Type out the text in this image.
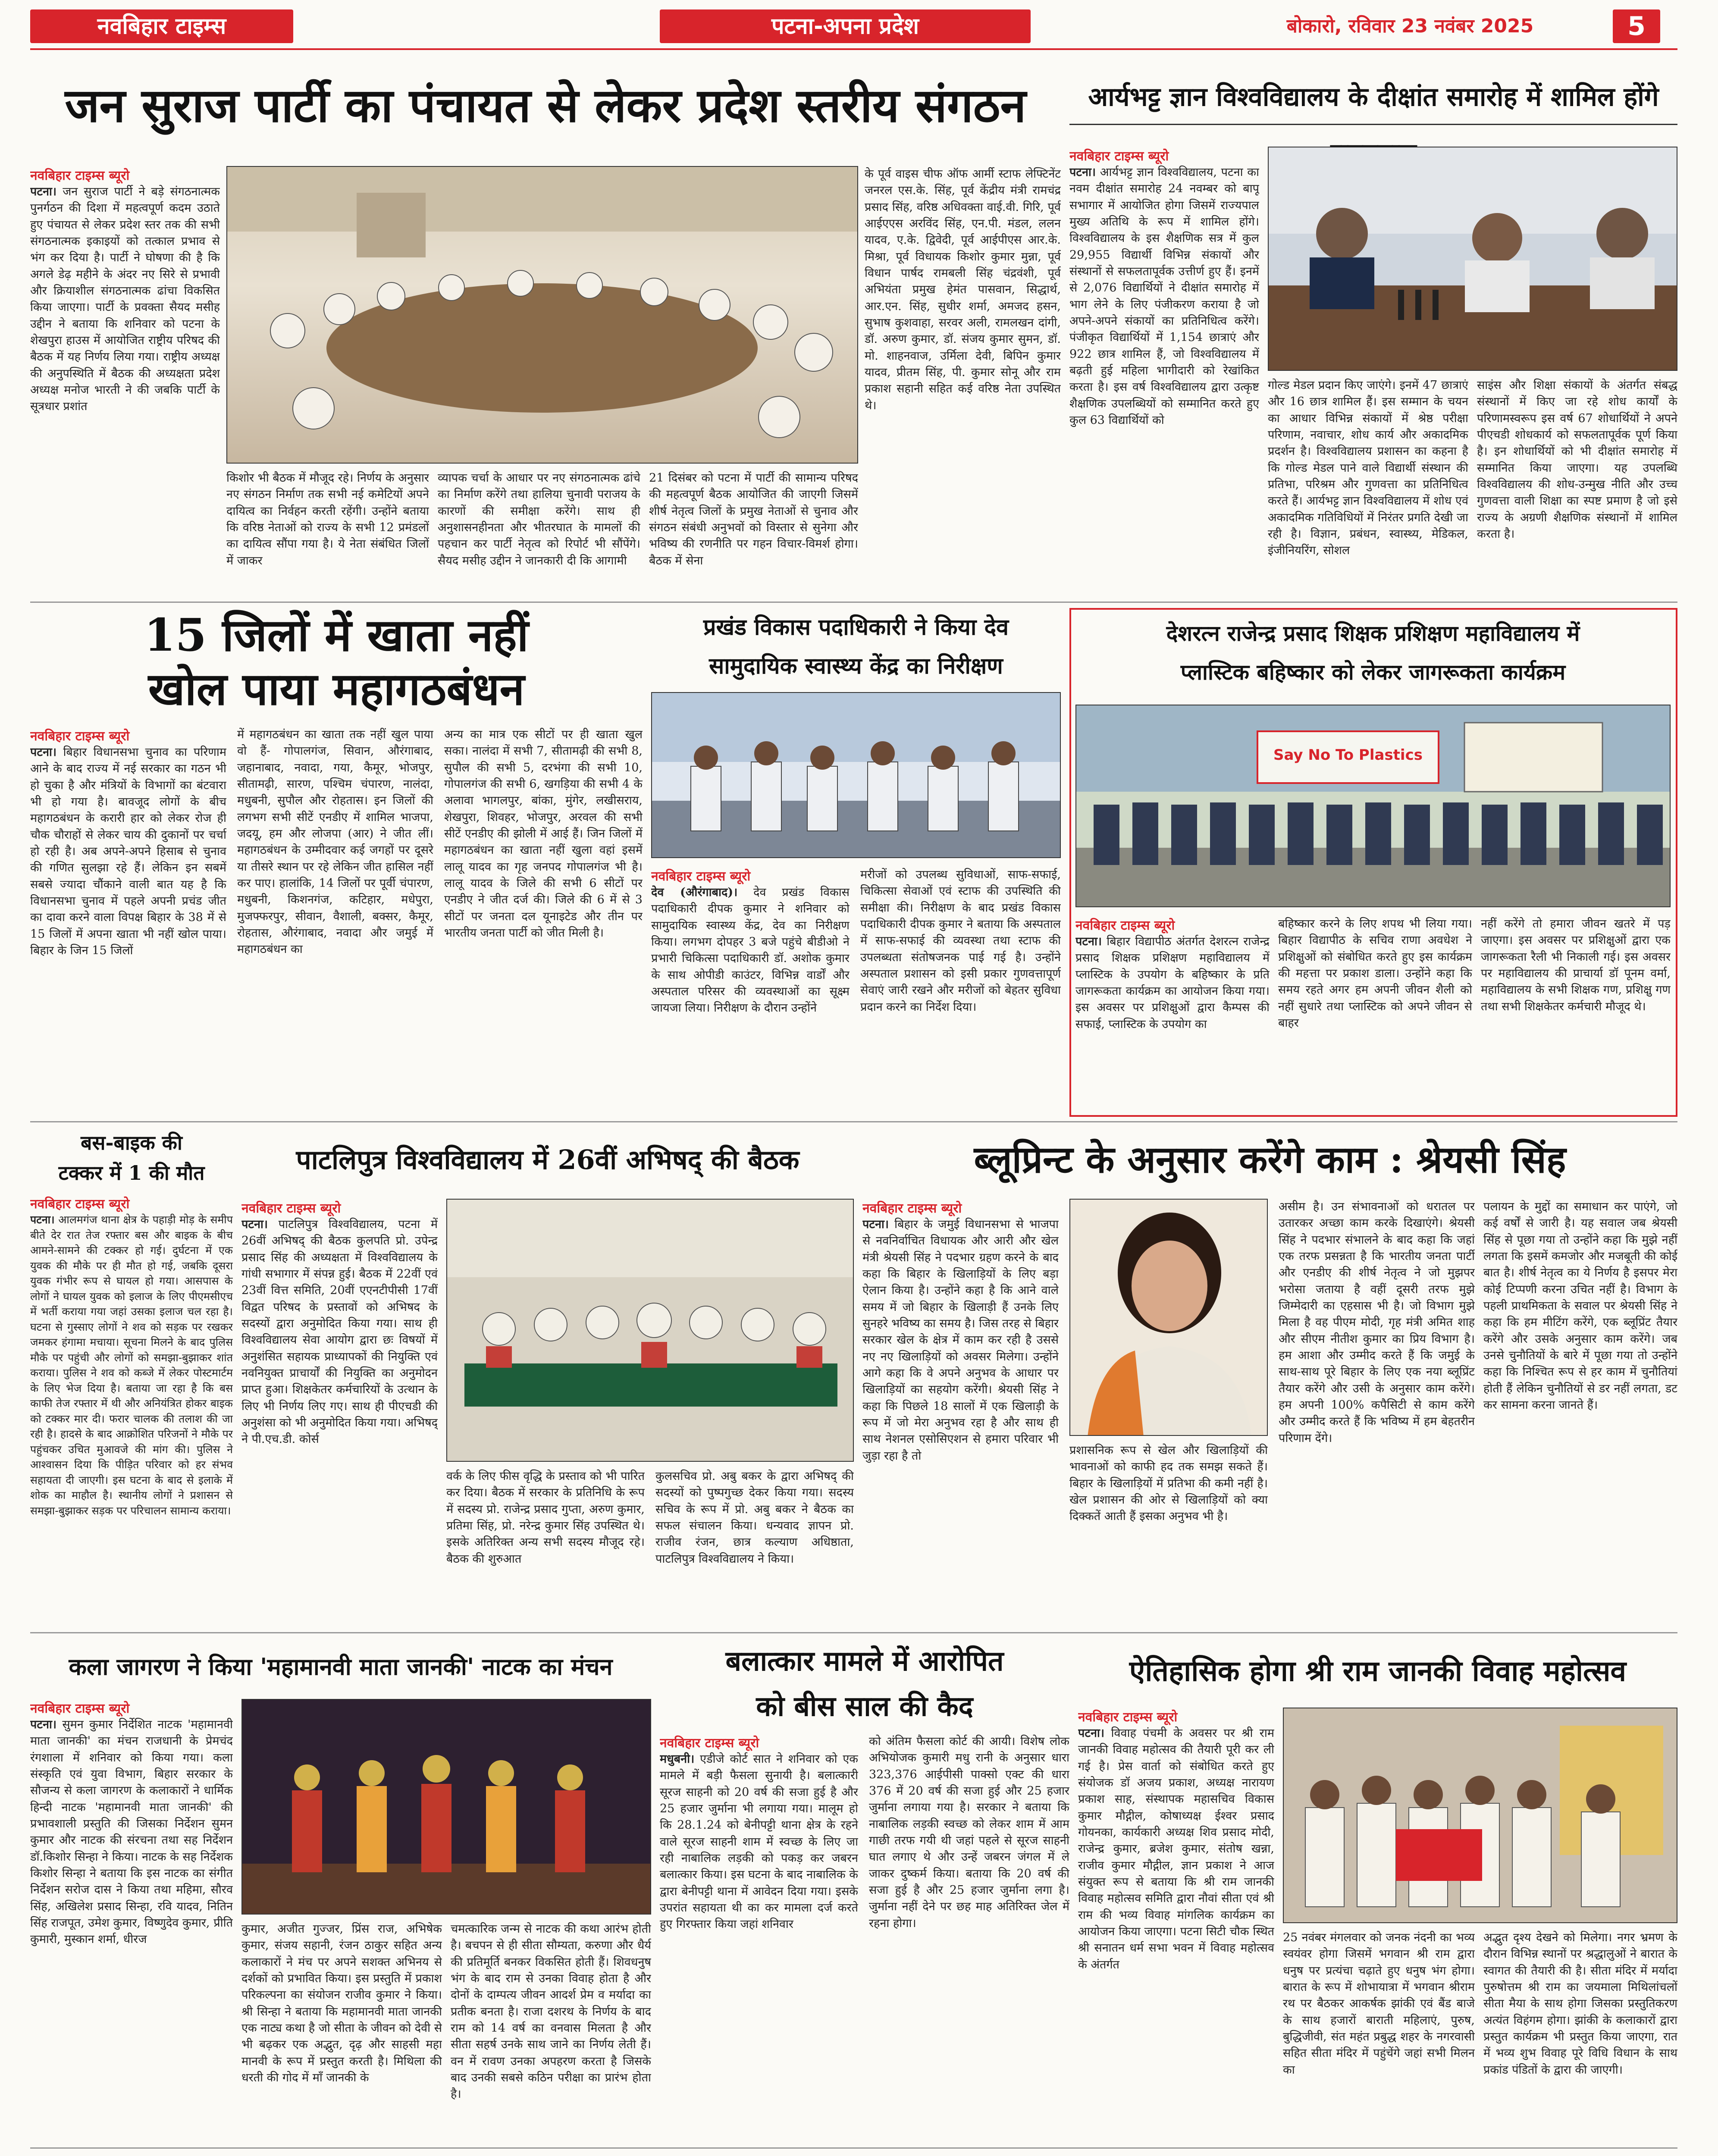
नवबिहार टाइम्स	पटना-अपना प्रदेश	बोकारो, रविवार 23 नवंबर 2025	5
जन सुराज पार्टी का पंचायत से लेकर प्रदेश स्तरीय संगठन
नवबिहार टाइम्स ब्यूरो
पटना। जन सुराज पार्टी ने बड़े संगठनात्मक पुनर्गठन की दिशा में महत्वपूर्ण कदम उठाते हुए पंचायत से लेकर प्रदेश स्तर तक की सभी संगठनात्मक इकाइयों को तत्काल प्रभाव से भंग कर दिया है। पार्टी ने घोषणा की है कि अगले डेढ़ महीने के अंदर नए सिरे से प्रभावी और क्रियाशील संगठनात्मक ढांचा विकसित किया जाएगा। पार्टी के प्रवक्ता सैयद मसीह उद्दीन ने बताया कि शनिवार को पटना के शेखपुरा हाउस में आयोजित राष्ट्रीय परिषद की बैठक में यह निर्णय लिया गया। राष्ट्रीय अध्यक्ष की अनुपस्थिति में बैठक की अध्यक्षता प्रदेश अध्यक्ष मनोज भारती ने की जबकि पार्टी के सूत्रधार प्रशांत
किशोर भी बैठक में मौजूद रहे। निर्णय के अनुसार नए संगठन निर्माण तक सभी नई कमेटियों अपने दायित्व का निर्वहन करती रहेंगी। उन्होंने बताया कि वरिष्ठ नेताओं को राज्य के सभी 12 प्रमंडलों का दायित्व सौंपा गया है। ये नेता संबंधित जिलों में जाकर
व्यापक चर्चा के आधार पर नए संगठनात्मक ढांचे का निर्माण करेंगे तथा हालिया चुनावी पराजय के कारणों की समीक्षा करेंगे। साथ ही अनुशासनहीनता और भीतरघात के मामलों की पहचान कर पार्टी नेतृत्व को रिपोर्ट भी सौंपेंगे। सैयद मसीह उद्दीन ने जानकारी दी कि आगामी
21 दिसंबर को पटना में पार्टी की सामान्य परिषद की महत्वपूर्ण बैठक आयोजित की जाएगी जिसमें शीर्ष नेतृत्व जिलों के प्रमुख नेताओं से चुनाव और संगठन संबंधी अनुभवों को विस्तार से सुनेगा और भविष्य की रणनीति पर गहन विचार-विमर्श होगा। बैठक में सेना
के पूर्व वाइस चीफ ऑफ आर्मी स्टाफ लेफ्टिनेंट जनरल एस.के. सिंह, पूर्व केंद्रीय मंत्री रामचंद्र प्रसाद सिंह, वरिष्ठ अधिवक्ता वाई.वी. गिरि, पूर्व आईएएस अरविंद सिंह, एन.पी. मंडल, ललन यादव, ए.के. द्विवेदी, पूर्व आईपीएस आर.के. मिश्रा, पूर्व विधायक किशोर कुमार मुन्ना, पूर्व विधान पार्षद रामबली सिंह चंद्रवंशी, पूर्व अभियंता प्रमुख हेमंत पासवान, सिद्धार्थ, आर.एन. सिंह, सुधीर शर्मा, अमजद हसन, सुभाष कुशवाहा, सरवर अली, रामलखन दांगी, डॉ. अरुण कुमार, डॉ. संजय कुमार सुमन, डॉ. मो. शाहनवाज, उर्मिला देवी, बिपिन कुमार यादव, प्रीतम सिंह, पी. कुमार सोनू और राम प्रकाश सहानी सहित कई वरिष्ठ नेता उपस्थित थे।
आर्यभट्ट ज्ञान विश्वविद्यालय के दीक्षांत समारोह में शामिल होंगे
नवबिहार टाइम्स ब्यूरो
पटना। आर्यभट्ट ज्ञान विश्वविद्यालय, पटना का नवम दीक्षांत समारोह 24 नवम्बर को बापू सभागार में आयोजित होगा जिसमें राज्यपाल मुख्य अतिथि के रूप में शामिल होंगे। विश्वविद्यालय के इस शैक्षणिक सत्र में कुल 29,955 विद्यार्थी विभिन्न संकायों और संस्थानों से सफलतापूर्वक उत्तीर्ण हुए हैं। इनमें से 2,076 विद्यार्थियों ने दीक्षांत समारोह में भाग लेने के लिए पंजीकरण कराया है जो अपने-अपने संकायों का प्रतिनिधित्व करेंगे। पंजीकृत विद्यार्थियों में 1,154 छात्राएं और 922 छात्र शामिल हैं, जो विश्वविद्यालय में बढ़ती हुई महिला भागीदारी को रेखांकित करता है। इस वर्ष विश्वविद्यालय द्वारा उत्कृष्ट शैक्षणिक उपलब्धियों को सम्मानित करते हुए कुल 63 विद्यार्थियों को
गोल्ड मेडल प्रदान किए जाएंगे। इनमें 47 छात्राएं और 16 छात्र शामिल हैं। इस सम्मान के चयन का आधार विभिन्न संकायों में श्रेष्ठ परीक्षा परिणाम, नवाचार, शोध कार्य और अकादमिक प्रदर्शन है। विश्वविद्यालय प्रशासन का कहना है कि गोल्ड मेडल पाने वाले विद्यार्थी संस्थान की प्रतिभा, परिश्रम और गुणवत्ता का प्रतिनिधित्व करते हैं। आर्यभट्ट ज्ञान विश्वविद्यालय में शोध एवं अकादमिक गतिविधियों में निरंतर प्रगति देखी जा रही है। विज्ञान, प्रबंधन, स्वास्थ्य, मेडिकल, इंजीनियरिंग, सोशल
साइंस और शिक्षा संकायों के अंतर्गत संबद्ध संस्थानों में किए जा रहे शोध कार्यों के परिणामस्वरूप इस वर्ष 67 शोधार्थियों ने अपने पीएचडी शोधकार्य को सफलतापूर्वक पूर्ण किया है। इन शोधार्थियों को भी दीक्षांत समारोह में सम्मानित किया जाएगा। यह उपलब्धि विश्वविद्यालय की शोध-उन्मुख नीति और उच्च गुणवत्ता वाली शिक्षा का स्पष्ट प्रमाण है जो इसे राज्य के अग्रणी शैक्षणिक संस्थानों में शामिल करता है।
15 जिलों में खाता नहीं
खोल पाया महागठबंधन
नवबिहार टाइम्स ब्यूरो
पटना। बिहार विधानसभा चुनाव का परिणाम आने के बाद राज्य में नई सरकार का गठन भी हो चुका है और मंत्रियों के विभागों का बंटवारा भी हो गया है। बावजूद लोगों के बीच महागठबंधन के करारी हार को लेकर रोज ही चौक चौराहों से लेकर चाय की दुकानों पर चर्चा हो रही है। अब अपने-अपने हिसाब से चुनाव की गणित सुलझा रहे हैं। लेकिन इन सबमें सबसे ज्यादा चौंकाने वाली बात यह है कि विधानसभा चुनाव में पहले अपनी प्रचंड जीत का दावा करने वाला विपक्ष बिहार के 38 में से 15 जिलों में अपना खाता भी नहीं खोल पाया। बिहार के जिन 15 जिलों
में महागठबंधन का खाता तक नहीं खुल पाया वो हैं- गोपालगंज, सिवान, औरंगाबाद, जहानाबाद, नवादा, गया, कैमूर, भोजपुर, सीतामढ़ी, सारण, पश्चिम चंपारण, नालंदा, मधुबनी, सुपौल और रोहतास। इन जिलों की लगभग सभी सीटें एनडीए में शामिल भाजपा, जदयू, हम और लोजपा (आर) ने जीत लीं। महागठबंधन के उम्मीदवार कई जगहों पर दूसरे या तीसरे स्थान पर रहे लेकिन जीत हासिल नहीं कर पाए। हालांकि, 14 जिलों पर पूर्वी चंपारण, मधुबनी, किशनगंज, कटिहार, मधेपुरा, मुजफ्फरपुर, सीवान, वैशाली, बक्सर, कैमूर, रोहतास, औरंगाबाद, नवादा और जमुई में महागठबंधन का
अन्य का मात्र एक सीटों पर ही खाता खुल सका। नालंदा में सभी 7, सीतामढ़ी की सभी 8, सुपौल की सभी 5, दरभंगा की सभी 10, गोपालगंज की सभी 6, खगड़िया की सभी 4 के अलावा भागलपुर, बांका, मुंगेर, लखीसराय, शेखपुरा, शिवहर, भोजपुर, अरवल की सभी सीटें एनडीए की झोली में आई हैं। जिन जिलों में महागठबंधन का खाता नहीं खुला वहां इसमें लालू यादव का गृह जनपद गोपालगंज भी है। लालू यादव के जिले की सभी 6 सीटों पर एनडीए ने जीत दर्ज की। जिले की 6 में से 3 सीटों पर जनता दल यूनाइटेड और तीन पर भारतीय जनता पार्टी को जीत मिली है।
प्रखंड विकास पदाधिकारी ने किया देव
सामुदायिक स्वास्थ्य केंद्र का निरीक्षण
नवबिहार टाइम्स ब्यूरो
देव (औरंगाबाद)। देव प्रखंड विकास पदाधिकारी दीपक कुमार ने शनिवार को सामुदायिक स्वास्थ्य केंद्र, देव का निरीक्षण किया। लगभग दोपहर 3 बजे पहुंचे बीडीओ ने प्रभारी चिकित्सा पदाधिकारी डॉ. अशोक कुमार के साथ ओपीडी काउंटर, विभिन्न वार्डों और अस्पताल परिसर की व्यवस्थाओं का सूक्ष्म जायजा लिया। निरीक्षण के दौरान उन्होंने
मरीजों को उपलब्ध सुविधाओं, साफ-सफाई, चिकित्सा सेवाओं एवं स्टाफ की उपस्थिति की समीक्षा की। निरीक्षण के बाद प्रखंड विकास पदाधिकारी दीपक कुमार ने बताया कि अस्पताल में साफ-सफाई की व्यवस्था तथा स्टाफ की उपलब्धता संतोषजनक पाई गई है। उन्होंने अस्पताल प्रशासन को इसी प्रकार गुणवत्तापूर्ण सेवाएं जारी रखने और मरीजों को बेहतर सुविधा प्रदान करने का निर्देश दिया।
देशरत्न राजेन्द्र प्रसाद शिक्षक प्रशिक्षण महाविद्यालय में
प्लास्टिक बहिष्कार को लेकर जागरूकता कार्यक्रम
Say No To Plastics
नवबिहार टाइम्स ब्यूरो
पटना। बिहार विद्यापीठ अंतर्गत देशरत्न राजेन्द्र प्रसाद शिक्षक प्रशिक्षण महाविद्यालय में प्लास्टिक के उपयोग के बहिष्कार के प्रति जागरूकता कार्यक्रम का आयोजन किया गया। इस अवसर पर प्रशिक्षुओं द्वारा कैम्पस की सफाई, प्लास्टिक के उपयोग का
बहिष्कार करने के लिए शपथ भी लिया गया। बिहार विद्यापीठ के सचिव राणा अवधेश ने प्रशिक्षुओं को संबोधित करते हुए इस कार्यक्रम की महत्ता पर प्रकाश डाला। उन्होंने कहा कि समय रहते अगर हम अपनी जीवन शैली को नहीं सुधारे तथा प्लास्टिक को अपने जीवन से बाहर
नहीं करेंगे तो हमारा जीवन खतरे में पड़ जाएगा। इस अवसर पर प्रशिक्षुओं द्वारा एक जागरूकता रैली भी निकाली गई। इस अवसर पर महाविद्यालय की प्राचार्या डॉ पूनम वर्मा, महाविद्यालय के सभी शिक्षक गण, प्रशिक्षु गण तथा सभी शिक्षकेतर कर्मचारी मौजूद थे।
बस-बाइक की
टक्कर में 1 की मौत
नवबिहार टाइम्स ब्यूरो
पटना। आलमगंज थाना क्षेत्र के पहाड़ी मोड़ के समीप बीते देर रात तेज रफ्तार बस और बाइक के बीच आमने-सामने की टक्कर हो गई। दुर्घटना में एक युवक की मौके पर ही मौत हो गई, जबकि दूसरा युवक गंभीर रूप से घायल हो गया। आसपास के लोगों ने घायल युवक को इलाज के लिए पीएमसीएच में भर्ती कराया गया जहां उसका इलाज चल रहा है। घटना से गुस्साए लोगों ने शव को सड़क पर रखकर जमकर हंगामा मचाया। सूचना मिलने के बाद पुलिस मौके पर पहुंची और लोगों को समझा-बुझाकर शांत कराया। पुलिस ने शव को कब्जे में लेकर पोस्टमार्टम के लिए भेज दिया है। बताया जा रहा है कि बस काफी तेज रफ्तार में थी और अनियंत्रित होकर बाइक को टक्कर मार दी। फरार चालक की तलाश की जा रही है। हादसे के बाद आक्रोशित परिजनों ने मौके पर पहुंचकर उचित मुआवजे की मांग की। पुलिस ने आश्वासन दिया कि पीड़ित परिवार को हर संभव सहायता दी जाएगी। इस घटना के बाद से इलाके में शोक का माहौल है। स्थानीय लोगों ने प्रशासन से समझा-बुझाकर सड़क पर परिचालन सामान्य कराया।
पाटलिपुत्र विश्वविद्यालय में 26वीं अभिषद् की बैठक
नवबिहार टाइम्स ब्यूरो
पटना। पाटलिपुत्र विश्वविद्यालय, पटना में 26वीं अभिषद् की बैठक कुलपति प्रो. उपेन्द्र प्रसाद सिंह की अध्यक्षता में विश्वविद्यालय के गांधी सभागार में संपन्न हुई। बैठक में 22वीं एवं 23वीं वित्त समिति, 20वीं एएनटीपीसी 17वीं विद्वत परिषद के प्रस्तावों को अभिषद के सदस्यों द्वारा अनुमोदित किया गया। साथ ही विश्वविद्यालय सेवा आयोग द्वारा छः विषयों में अनुशंसित सहायक प्राध्यापकों की नियुक्ति एवं नवनियुक्त प्राचार्यों की नियुक्ति का अनुमोदन प्राप्त हुआ। शिक्षकेतर कर्मचारियों के उत्थान के लिए भी निर्णय लिए गए। साथ ही पीएचडी की अनुशंसा को भी अनुमोदित किया गया। अभिषद् ने पी.एच.डी. कोर्स
वर्क के लिए फीस वृद्धि के प्रस्ताव को भी पारित कर दिया। बैठक में सरकार के प्रतिनिधि के रूप में सदस्य प्रो. राजेन्द्र प्रसाद गुप्ता, अरुण कुमार, प्रतिमा सिंह, प्रो. नरेन्द्र कुमार सिंह उपस्थित थे। इसके अतिरिक्त अन्य सभी सदस्य मौजूद रहे। बैठक की शुरुआत
कुलसचिव प्रो. अबु बकर के द्वारा अभिषद् की सदस्यों को पुष्पगुच्छ देकर किया गया। सदस्य सचिव के रूप में प्रो. अबु बकर ने बैठक का सफल संचालन किया। धन्यवाद ज्ञापन प्रो. राजीव रंजन, छात्र कल्याण अधिष्ठाता, पाटलिपुत्र विश्वविद्यालय ने किया।
ब्लूप्रिन्ट के अनुसार करेंगे काम : श्रेयसी सिंह
नवबिहार टाइम्स ब्यूरो
पटना। बिहार के जमुई विधानसभा से भाजपा से नवनिर्वाचित विधायक और आरी और खेल मंत्री श्रेयसी सिंह ने पदभार ग्रहण करने के बाद कहा कि बिहार के खिलाड़ियों के लिए बड़ा ऐलान किया है। उन्होंने कहा है कि आने वाले समय में जो बिहार के खिलाड़ी हैं उनके लिए सुनहरे भविष्य का समय है। जिस तरह से बिहार सरकार खेल के क्षेत्र में काम कर रही है उससे नए नए खिलाड़ियों को अवसर मिलेगा। उन्होंने आगे कहा कि वे अपने अनुभव के आधार पर खिलाड़ियों का सहयोग करेंगी। श्रेयसी सिंह ने कहा कि पिछले 18 सालों में एक खिलाड़ी के रूप में जो मेरा अनुभव रहा है और साथ ही साथ नेशनल एसोसिएशन से हमारा परिवार भी जुड़ा रहा है तो	प्रशासनिक रूप से खेल और खिलाड़ियों की भावनाओं को काफी हद तक समझ सकते हैं। बिहार के खिलाड़ियों में प्रतिभा की कमी नहीं है। खेल प्रशासन की ओर से खिलाड़ियों को क्या दिक्कतें आती हैं इसका अनुभव भी है।
असीम है। उन संभावनाओं को धरातल पर उतारकर अच्छा काम करके दिखाएंगे। श्रेयसी सिंह ने पदभार संभालने के बाद कहा कि जहां एक तरफ प्रसन्नता है कि भारतीय जनता पार्टी और एनडीए की शीर्ष नेतृत्व ने जो मुझपर भरोसा जताया है वहीं दूसरी तरफ मुझे जिम्मेदारी का एहसास भी है। जो विभाग मुझे मिला है वह पीएम मोदी, गृह मंत्री अमित शाह और सीएम नीतीश कुमार का प्रिय विभाग है। हम आशा और उम्मीद करते हैं कि जमुई के साथ-साथ पूरे बिहार के लिए एक नया ब्लूप्रिंट तैयार करेंगे और उसी के अनुसार काम करेंगे। हम अपनी 100% कपैसिटी से काम करेंगे और उम्मीद करते हैं कि भविष्य में हम बेहतरीन परिणाम देंगे।
पलायन के मुद्दों का समाधान कर पाएंगे, जो कई वर्षों से जारी है। यह सवाल जब श्रेयसी सिंह से पूछा गया तो उन्होंने कहा कि मुझे नहीं लगता कि इसमें कमजोर और मजबूती की कोई बात है। शीर्ष नेतृत्व का ये निर्णय है इसपर मेरा कोई टिप्पणी करना उचित नहीं है। विभाग के पहली प्राथमिकता के सवाल पर श्रेयसी सिंह ने कहा कि हम मीटिंग करेंगे, एक ब्लूप्रिंट तैयार करेंगे और उसके अनुसार काम करेंगे। जब उनसे चुनौतियों के बारे में पूछा गया तो उन्होंने कहा कि निश्चित रूप से हर काम में चुनौतियां होती हैं लेकिन चुनौतियों से डर नहीं लगता, डट कर सामना करना जानते हैं।
कला जागरण ने किया 'महामानवी माता जानकी' नाटक का मंचन
नवबिहार टाइम्स ब्यूरो
पटना। सुमन कुमार निर्देशित नाटक 'महामानवी माता जानकी' का मंचन राजधानी के प्रेमचंद रंगशाला में शनिवार को किया गया। कला संस्कृति एवं युवा विभाग, बिहार सरकार के सौजन्य से कला जागरण के कलाकारों ने धार्मिक हिन्दी नाटक 'महामानवी माता जानकी' की प्रभावशाली प्रस्तुति की जिसका निर्देशन सुमन कुमार और नाटक की संरचना तथा सह निर्देशन डॉ.किशोर सिन्हा ने किया। नाटक के सह निर्देशक किशोर सिन्हा ने बताया कि इस नाटक का संगीत निर्देशन सरोज दास ने किया तथा महिमा, सौरव सिंह, अखिलेश प्रसाद सिन्हा, रवि यादव, नितिन सिंह राजपूत, उमेश कुमार, विष्णुदेव कुमार, प्रीति कुमारी, मुस्कान शर्मा, धीरज
कुमार, अजीत गुज्जर, प्रिंस राज, अभिषेक कुमार, संजय सहानी, रंजन ठाकुर सहित अन्य कलाकारों ने मंच पर अपने सशक्त अभिनय से दर्शकों को प्रभावित किया। इस प्रस्तुति में प्रकाश परिकल्पना का संयोजन राजीव कुमार ने किया। श्री सिन्हा ने बताया कि महामानवी माता जानकी एक नाट्य कथा है जो सीता के जीवन को देवी से भी बढ़कर एक अद्भुत, दृढ़ और साहसी महा मानवी के रूप में प्रस्तुत करती है। मिथिला की धरती की गोद में माँ जानकी के
चमत्कारिक जन्म से नाटक की कथा आरंभ होती है। बचपन से ही सीता सौम्यता, करुणा और धैर्य की प्रतिमूर्ति बनकर विकसित होती हैं। शिवधनुष भंग के बाद राम से उनका विवाह होता है और दोनों के दाम्पत्य जीवन आदर्श प्रेम व मर्यादा का प्रतीक बनता है। राजा दशरथ के निर्णय के बाद राम को 14 वर्ष का वनवास मिलता है और सीता सहर्ष उनके साथ जाने का निर्णय लेती हैं। वन में रावण उनका अपहरण करता है जिसके बाद उनकी सबसे कठिन परीक्षा का प्रारंभ होता है।
बलात्कार मामले में आरोपित
को बीस साल की कैद
नवबिहार टाइम्स ब्यूरो
मधुबनी। एडीजे कोर्ट सात ने शनिवार को एक मामले में बड़ी फैसला सुनायी है। बलात्कारी सूरज साहनी को 20 वर्ष की सजा हुई है और 25 हजार जुर्माना भी लगाया गया। मालूम हो कि 28.1.24 को बेनीपट्टी थाना क्षेत्र के रहने वाले सूरज साहनी शाम में स्वच्छ के लिए जा रही नाबालिक लड़की को पकड़ कर जबरन बलात्कार किया। इस घटना के बाद नाबालिक के द्वारा बेनीपट्टी थाना में आवेदन दिया गया। इसके उपरांत सहायता थी का कर मामला दर्ज करते हुए गिरफ्तार किया जहां शनिवार
को अंतिम फैसला कोर्ट की आयी। विशेष लोक अभियोजक कुमारी मधु रानी के अनुसार धारा 323,376 आईपीसी पाक्सो एक्ट की धारा 376 में 20 वर्ष की सजा हुई और 25 हजार जुर्माना लगाया गया है। सरकार ने बताया कि नाबालिक लड़की स्वच्छ को लेकर शाम में आम गाछी तरफ गयी थी जहां पहले से सूरज साहनी घात लगाए थे और उन्हें जबरन जंगल में ले जाकर दुष्कर्म किया। बताया कि 20 वर्ष की सजा हुई है और 25 हजार जुर्माना लगा है। जुर्माना नहीं देने पर छह माह अतिरिक्त जेल में रहना होगा।
ऐतिहासिक होगा श्री राम जानकी विवाह महोत्सव
नवबिहार टाइम्स ब्यूरो
पटना। विवाह पंचमी के अवसर पर श्री राम जानकी विवाह महोत्सव की तैयारी पूरी कर ली गई है। प्रेस वार्ता को संबोधित करते हुए संयोजक डॉ अजय प्रकाश, अध्यक्ष नारायण प्रकाश साह, संस्थापक महासचिव विकास कुमार मौद्गील, कोषाध्यक्ष ईश्वर प्रसाद गोयनका, कार्यकारी अध्यक्ष शिव प्रसाद मोदी, राजेन्द्र कुमार, ब्रजेश कुमार, संतोष खन्ना, राजीव कुमार मौद्गील, ज्ञान प्रकाश ने आज संयुक्त रूप से बताया कि श्री राम जानकी विवाह महोत्सव समिति द्वारा नौवां सीता एवं श्री राम की भव्य विवाह मांगलिक कार्यक्रम का आयोजन किया जाएगा। पटना सिटी चौक स्थित श्री सनातन धर्म सभा भवन में विवाह महोत्सव के अंतर्गत
25 नवंबर मंगलवार को जनक नंदनी का भव्य स्वयंवर होगा जिसमें भगवान श्री राम द्वारा धनुष पर प्रत्यंचा चढ़ाते हुए धनुष भंग होगा। बारात के रूप में शोभायात्रा में भगवान श्रीराम रथ पर बैठकर आकर्षक झांकी एवं बैंड बाजे के साथ हजारों बाराती महिलाएं, पुरुष, बुद्धिजीवी, संत महंत प्रबुद्ध शहर के नगरवासी सहित सीता मंदिर में पहुंचेंगे जहां सभी मिलन का
अद्भुत दृश्य देखने को मिलेगा। नगर भ्रमण के दौरान विभिन्न स्थानों पर श्रद्धालुओं ने बारात के स्वागत की तैयारी की है। सीता मंदिर में मर्यादा पुरुषोत्तम श्री राम का जयमाला मिथिलांचलों सीता मैया के साथ होगा जिसका प्रस्तुतिकरण अत्यंत विहंगम होगा। झांकी के कलाकारों द्वारा प्रस्तुत कार्यक्रम भी प्रस्तुत किया जाएगा, रात में भव्य शुभ विवाह पूरे विधि विधान के साथ प्रकांड पंडितों के द्वारा की जाएगी।
